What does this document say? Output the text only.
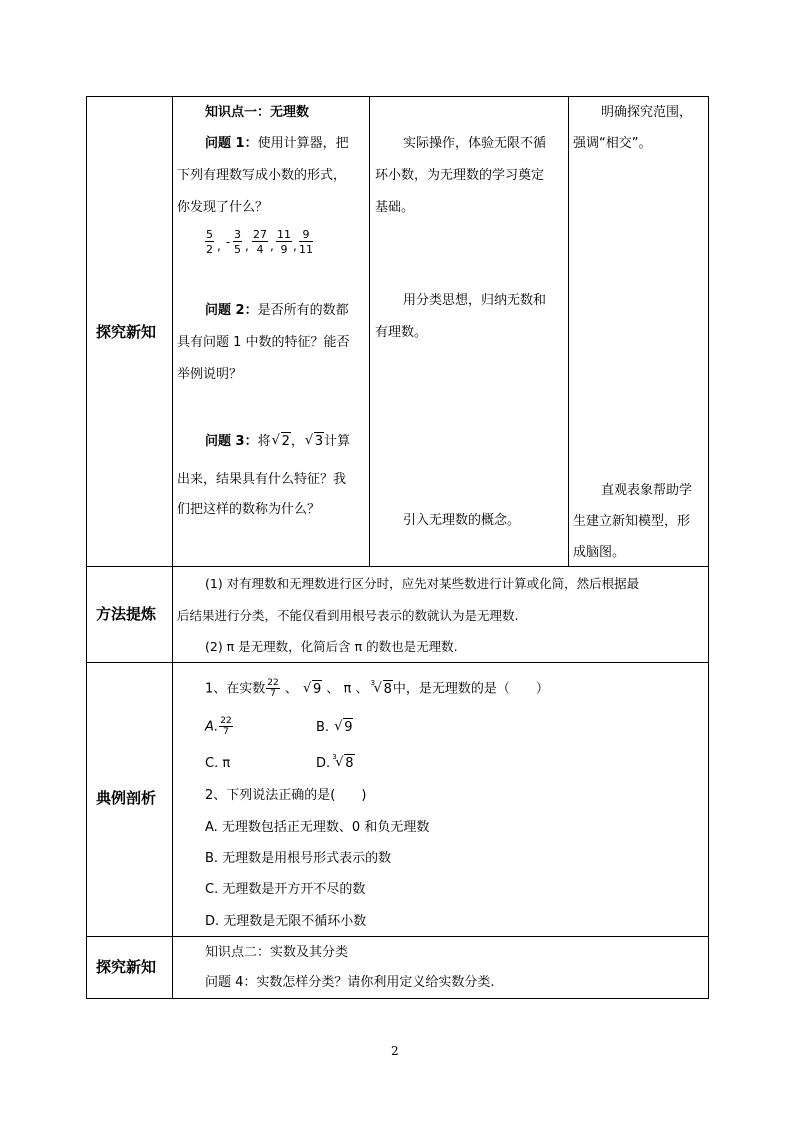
探究新知
知识点一：无理数
问题 1：使用计算器，把
下列有理数写成小数的形式，
你发现了什么？
$\frac{5}{2}$ , - $\frac{3}{5}$ , $\frac{27}{4}$ , $\frac{11}{9}$ , $\frac{9}{11}$
问题 2：是否所有的数都
具有问题 1 中数的特征？能否
举例说明？
问题 3：将 √ 2， √ 3计算
出来，结果具有什么特征？我
们把这样的数称为什么？
实际操作，体验无限不循
环小数，为无理数的学习奠定
基础。
用分类思想，归纳无数和
有理数。
引入无理数的概念。
明确探究范围，
强调“相交”。
直观表象帮助学
生建立新知模型，形
成脑图。
方法提炼
(1) 对有理数和无理数进行区分时，应先对某些数进行计算或化简，然后根据最
后结果进行分类，不能仅看到用根号表示的数就认为是无理数.
(2) π 是无理数，化简后含 π 的数也是无理数.
典例剖析
1、在实数 $\frac{22}{7}$ 、 √ 9 、 π 、
3
√ 8中，是无理数的是（　　）
A. $\frac{22}{7}$	B. √ 9
C. π	D. 3
√ 8
2、下列说法正确的是(　　)
A. 无理数包括正无理数、0 和负无理数
B. 无理数是用根号形式表示的数
C. 无理数是开方开不尽的数
D. 无理数是无限不循环小数
探究新知
知识点二：实数及其分类
问题 4：实数怎样分类？请你利用定义给实数分类.
2
